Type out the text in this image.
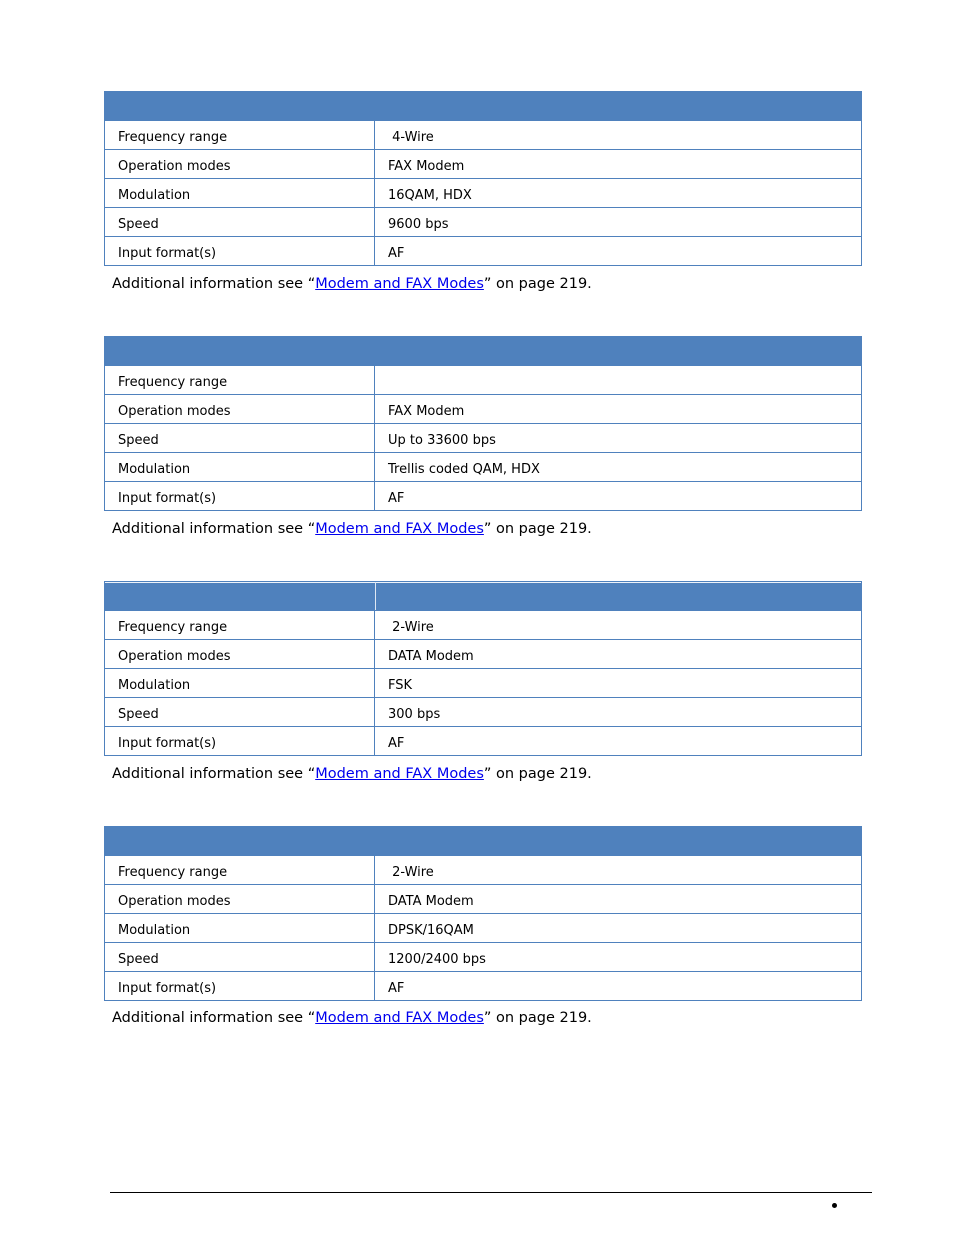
Frequency range	4-Wire
Operation modes	FAX Modem
Modulation	16QAM, HDX
Speed	9600 bps
Input format(s)	AF
Additional information see “Modem and FAX Modes” on page 219.
Frequency range
Operation modes	FAX Modem
Speed	Up to 33600 bps
Modulation	Trellis coded QAM, HDX
Input format(s)	AF
Additional information see “Modem and FAX Modes” on page 219.
Frequency range	2-Wire
Operation modes	DATA Modem
Modulation	FSK
Speed	300 bps
Input format(s)	AF
Additional information see “Modem and FAX Modes” on page 219.
Frequency range	2-Wire
Operation modes	DATA Modem
Modulation	DPSK/16QAM
Speed	1200/2400 bps
Input format(s)	AF
Additional information see “Modem and FAX Modes” on page 219.
